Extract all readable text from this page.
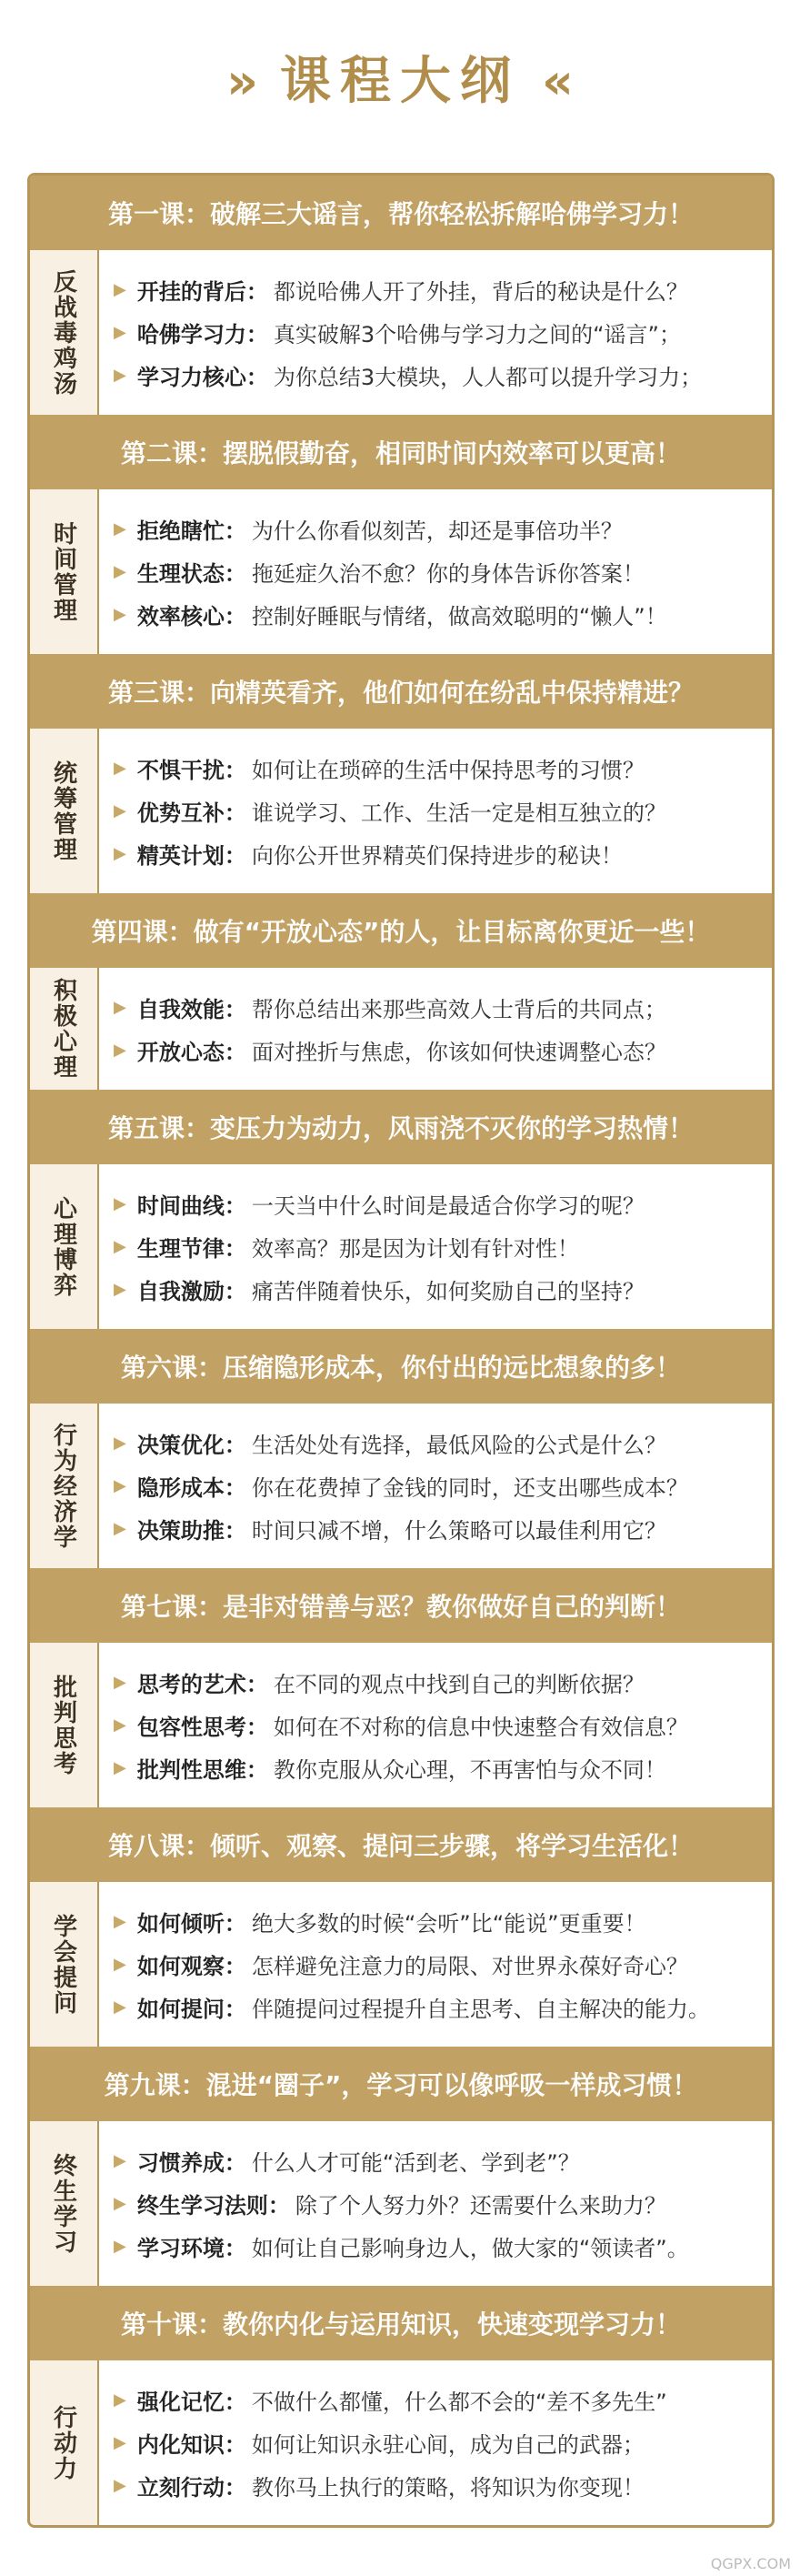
» 课程大纲 «
第一课：破解三大谣言，帮你轻松拆解哈佛学习力！
反战毒鸡汤 ▶ 开挂的背后 ： 都说哈佛人开了外挂，背后的秘诀是什么？
▶ 哈佛学习力 ： 真实破解3个哈佛与学习力之间的“谣言”；
▶ 学习力核心 ： 为你总结3大模块，人人都可以提升学习力；
第二课：摆脱假勤奋，相同时间内效率可以更高！
时间管理 ▶ 拒绝瞎忙 ： 为什么你看似刻苦，却还是事倍功半？
▶ 生理状态 ： 拖延症久治不愈？你的身体告诉你答案！
▶ 效率核心 ： 控制好睡眠与情绪，做高效聪明的“懒人”！
第三课：向精英看齐，他们如何在纷乱中保持精进？
统筹管理 ▶ 不惧干扰 ： 如何让在琐碎的生活中保持思考的习惯？
▶ 优势互补 ： 谁说学习、工作、生活一定是相互独立的？
▶ 精英计划 ： 向你公开世界精英们保持进步的秘诀！
第四课：做有“开放心态”的人，让目标离你更近一些！
积极心理 ▶ 自我效能 ： 帮你总结出来那些高效人士背后的共同点；
▶ 开放心态 ： 面对挫折与焦虑，你该如何快速调整心态？
第五课：变压力为动力，风雨浇不灭你的学习热情！
心理博弈 ▶ 时间曲线 ： 一天当中什么时间是最适合你学习的呢？
▶ 生理节律 ： 效率高？那是因为计划有针对性！
▶ 自我激励 ： 痛苦伴随着快乐，如何奖励自己的坚持？
第六课：压缩隐形成本，你付出的远比想象的多！
行为经济学 ▶ 决策优化 ： 生活处处有选择，最低风险的公式是什么？
▶ 隐形成本 ： 你在花费掉了金钱的同时，还支出哪些成本？
▶ 决策助推 ： 时间只减不增，什么策略可以最佳利用它？
第七课：是非对错善与恶？教你做好自己的判断！
批判思考 ▶ 思考的艺术 ： 在不同的观点中找到自己的判断依据？
▶ 包容性思考 ： 如何在不对称的信息中快速整合有效信息？
▶ 批判性思维 ： 教你克服从众心理，不再害怕与众不同！
第八课：倾听、观察、提问三步骤，将学习生活化！
学会提问 ▶ 如何倾听 ： 绝大多数的时候“会听”比“能说”更重要！
▶ 如何观察 ： 怎样避免注意力的局限、对世界永葆好奇心？
▶ 如何提问 ： 伴随提问过程提升自主思考、自主解决的能力。
第九课：混进“圈子”，学习可以像呼吸一样成习惯！
终生学习 ▶ 习惯养成 ： 什么人才可能“活到老、学到老”？
▶ 终生学习法则 ： 除了个人努力外？还需要什么来助力？
▶ 学习环境 ： 如何让自己影响身边人，做大家的“领读者”。
第十课：教你内化与运用知识，快速变现学习力！
行动力
▶ 强化记忆 ： 不做什么都懂，什么都不会的“差不多先生”
▶ 内化知识 ： 如何让知识永驻心间，成为自己的武器；
▶ 立刻行动 ： 教你马上执行的策略，将知识为你变现！
QGPX.COM
